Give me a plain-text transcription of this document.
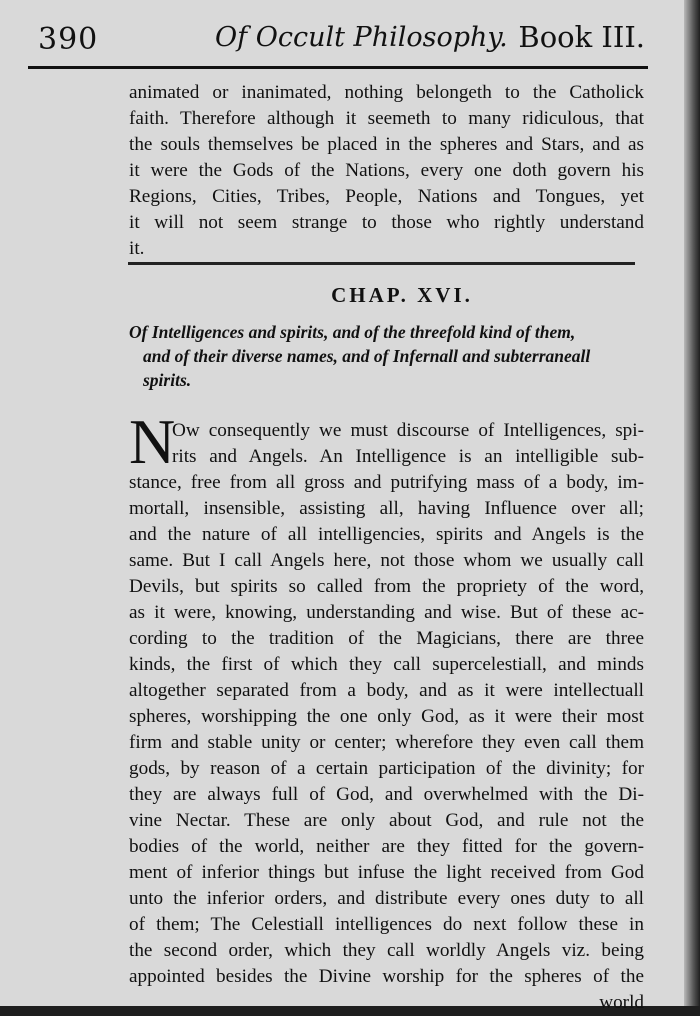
390	Of Occult Philosophy. Book III.
animated or inanimated, nothing belongeth to the Catholick
faith. Therefore although it seemeth to many ridiculous, that
the souls themselves be placed in the spheres and Stars, and as
it were the Gods of the Nations, every one doth govern his
Regions, Cities, Tribes, People, Nations and Tongues, yet
it will not seem strange to those who rightly understand
it.
CHAP. XVI.
Of Intelligences and spirits, and of the threefold kind of them,
and of their diverse names, and of Infernall and subterraneall
spirits.
N
Ow consequently we must discourse of Intelligences, spi-
rits and Angels. An Intelligence is an intelligible sub-
stance, free from all gross and putrifying mass of a body, im-
mortall, insensible, assisting all, having Influence over all;
and the nature of all intelligencies, spirits and Angels is the
same. But I call Angels here, not those whom we usually call
Devils, but spirits so called from the propriety of the word,
as it were, knowing, understanding and wise. But of these ac-
cording to the tradition of the Magicians, there are three
kinds, the first of which they call supercelestiall, and minds
altogether separated from a body, and as it were intellectuall
spheres, worshipping the one only God, as it were their most
firm and stable unity or center; wherefore they even call them
gods, by reason of a certain participation of the divinity; for
they are always full of God, and overwhelmed with the Di-
vine Nectar. These are only about God, and rule not the
bodies of the world, neither are they fitted for the govern-
ment of inferior things but infuse the light received from God
unto the inferior orders, and distribute every ones duty to all
of them; The Celestiall intelligences do next follow these in
the second order, which they call worldly Angels viz. being
appointed besides the Divine worship for the spheres of the
world
